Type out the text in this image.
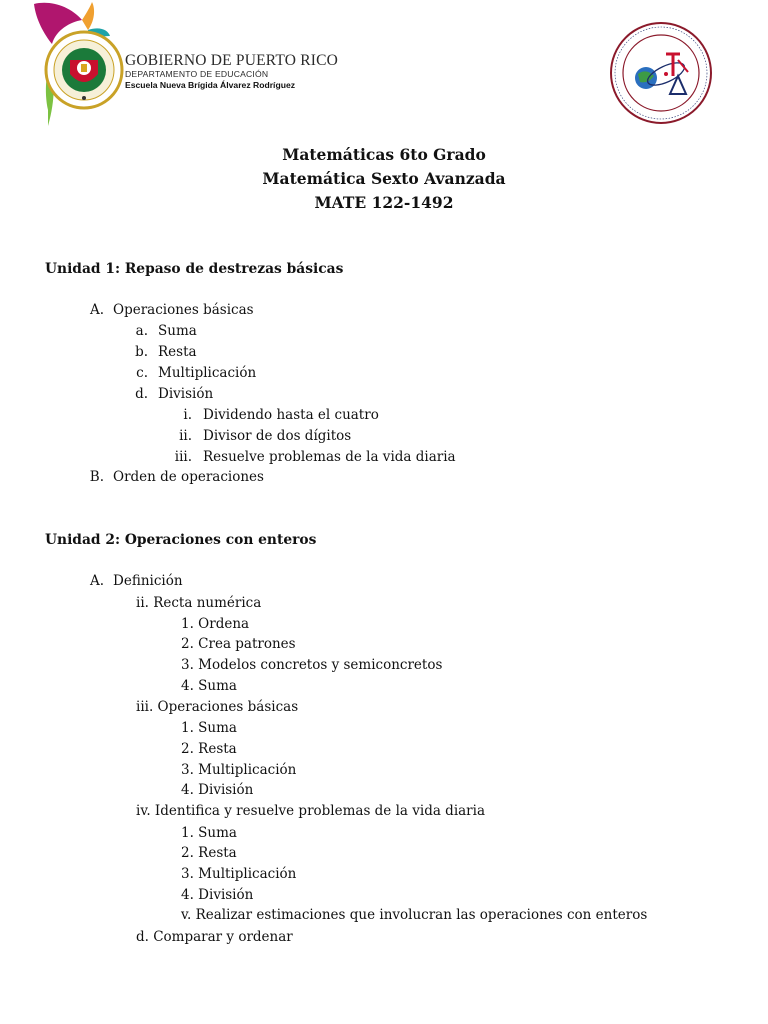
GOBIERNO DE PUERTO RICO
DEPARTAMENTO DE EDUCACIÓN
Escuela Nueva Brígida Álvarez Rodríguez
Matemáticas 6to Grado
Matemática Sexto Avanzada
MATE 122-1492
Unidad 1: Repaso de destrezas básicas
A. Operaciones básicas
a. Suma
b. Resta
c. Multiplicación
d. División
i. Dividendo hasta el cuatro
ii. Divisor de dos dígitos
iii. Resuelve problemas de la vida diaria
B. Orden de operaciones
Unidad 2: Operaciones con enteros
A. Definición
ii. Recta numérica
1. Ordena
2. Crea patrones
3. Modelos concretos y semiconcretos
4. Suma
iii. Operaciones básicas
1. Suma
2. Resta
3. Multiplicación
4. División
iv. Identifica y resuelve problemas de la vida diaria
1. Suma
2. Resta
3. Multiplicación
4. División
v. Realizar estimaciones que involucran las operaciones con enteros
d. Comparar y ordenar
